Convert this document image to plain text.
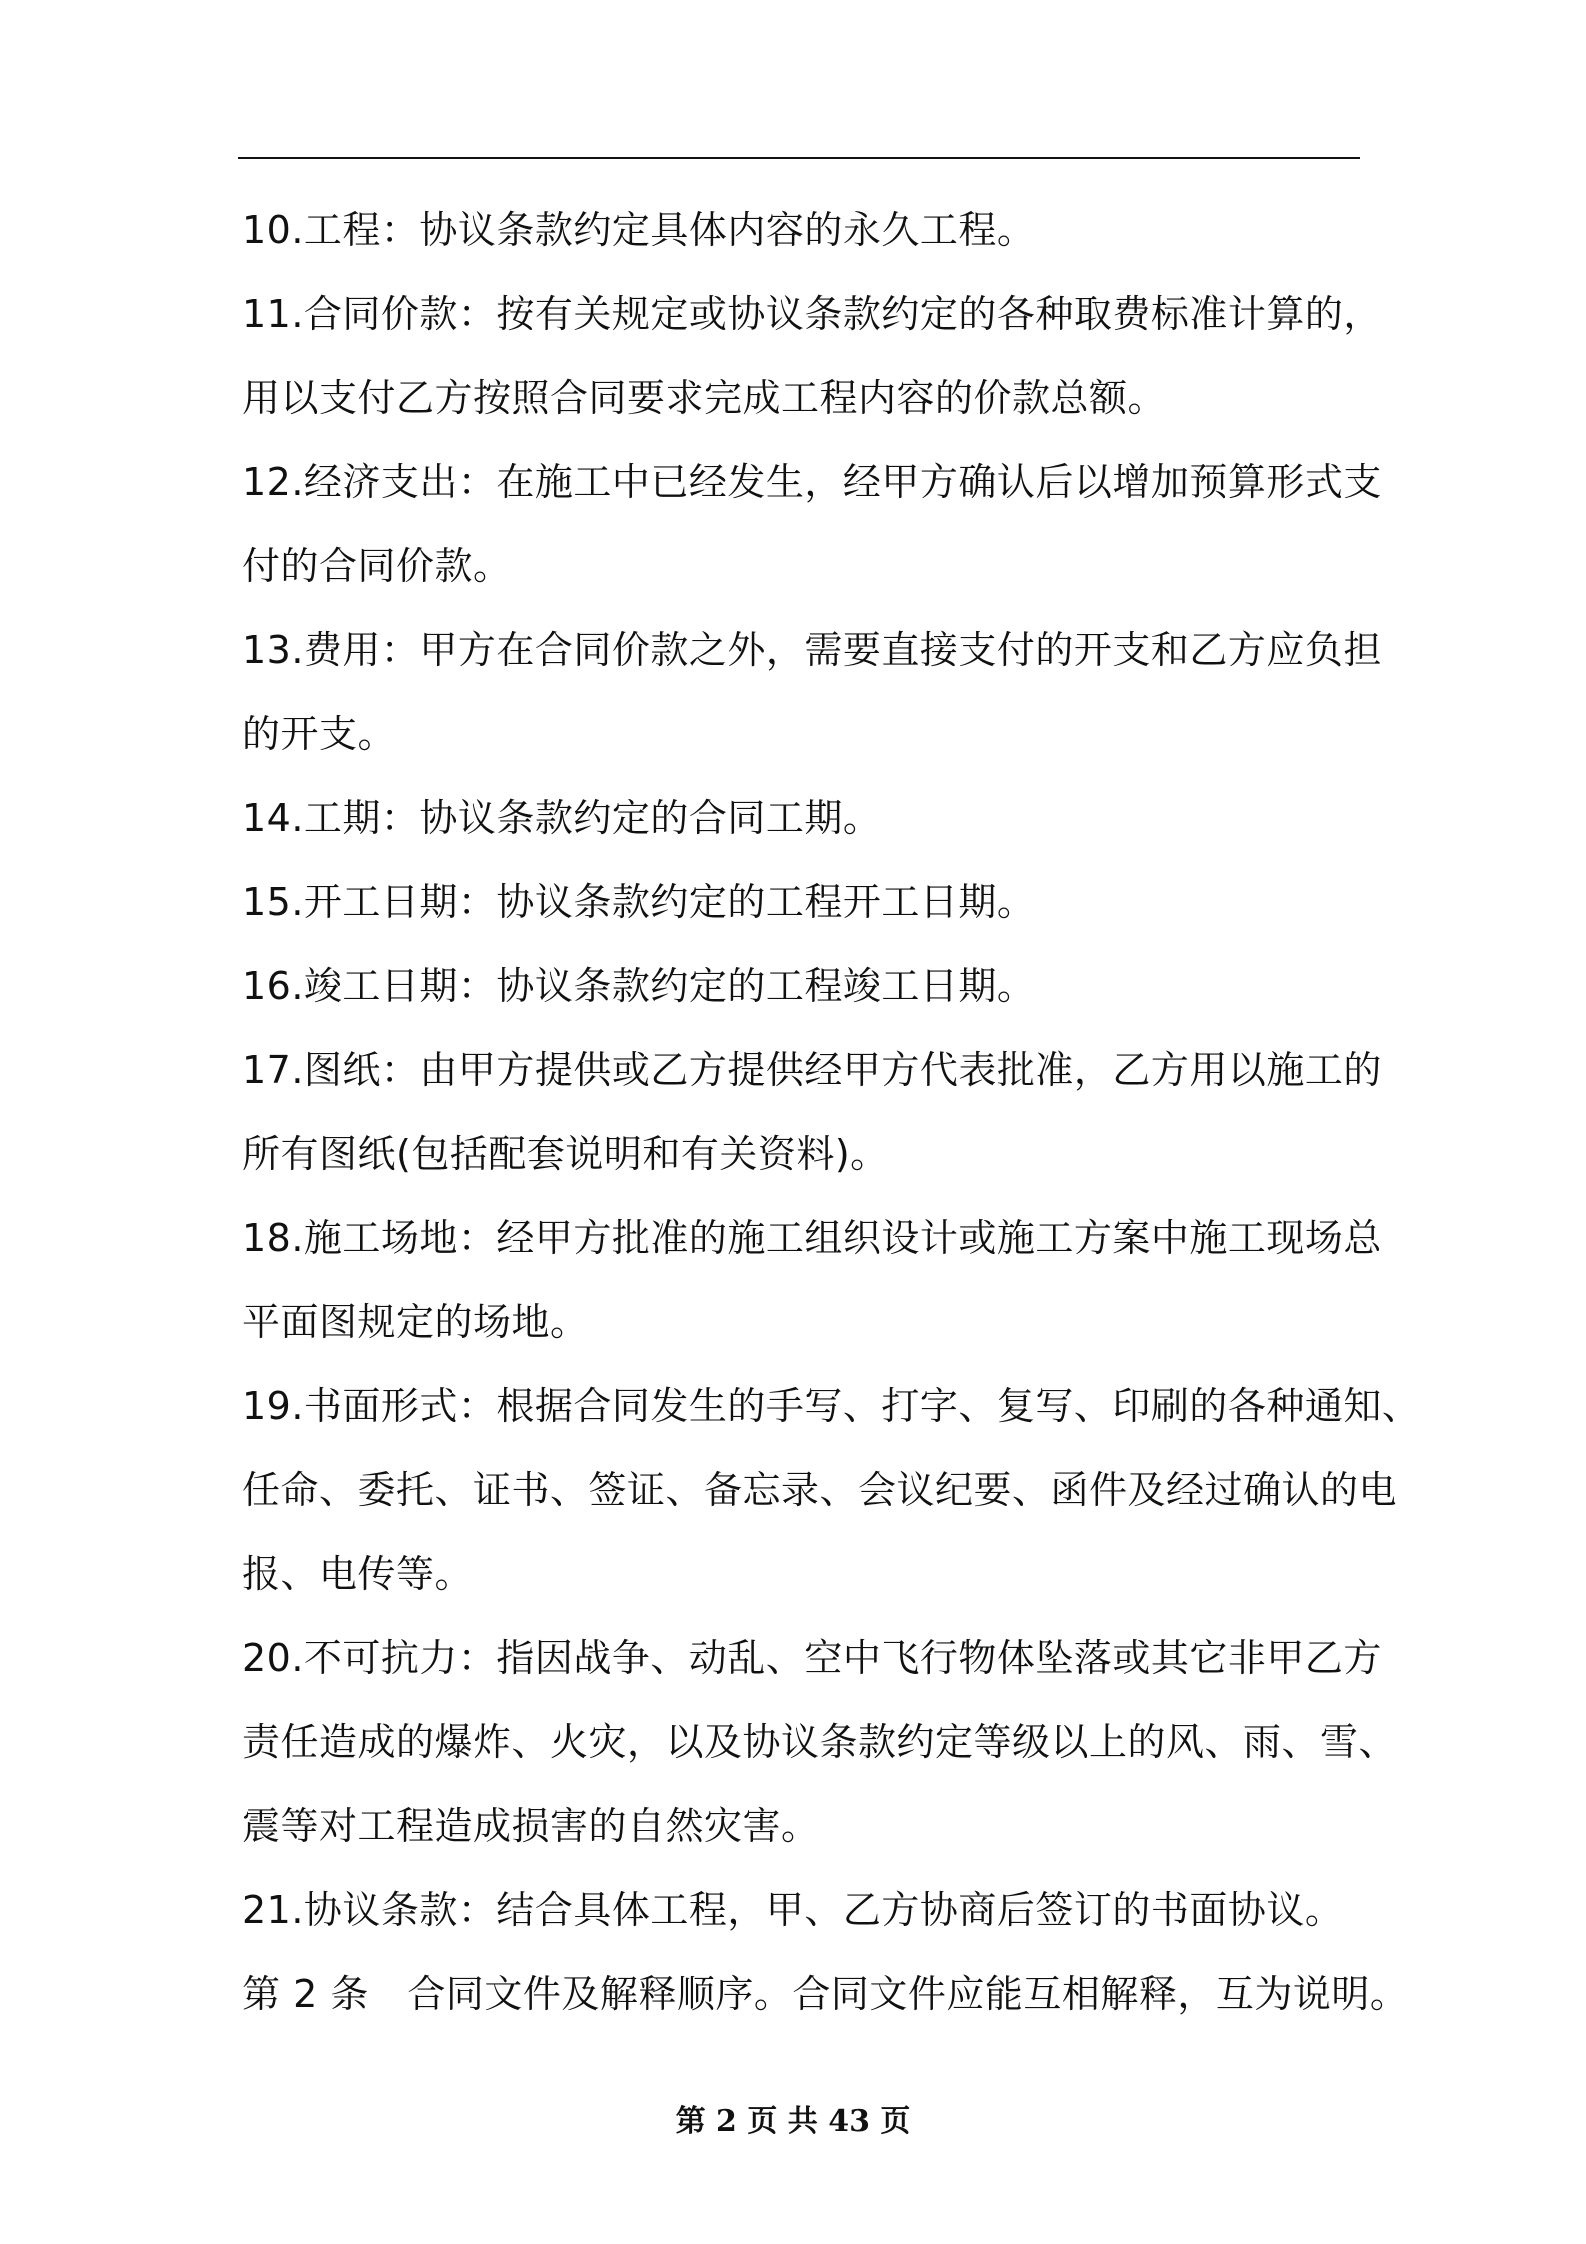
10.工程：协议条款约定具体内容的永久工程。
11.合同价款：按有关规定或协议条款约定的各种取费标准计算的，
用以支付乙方按照合同要求完成工程内容的价款总额。
12.经济支出：在施工中已经发生，经甲方确认后以增加预算形式支
付的合同价款。
13.费用：甲方在合同价款之外，需要直接支付的开支和乙方应负担
的开支。
14.工期：协议条款约定的合同工期。
15.开工日期：协议条款约定的工程开工日期。
16.竣工日期：协议条款约定的工程竣工日期。
17.图纸：由甲方提供或乙方提供经甲方代表批准，乙方用以施工的
所有图纸(包括配套说明和有关资料)。
18.施工场地：经甲方批准的施工组织设计或施工方案中施工现场总
平面图规定的场地。
19.书面形式：根据合同发生的手写、打字、复写、印刷的各种通知、
任命、委托、证书、签证、备忘录、会议纪要、函件及经过确认的电
报、电传等。
20.不可抗力：指因战争、动乱、空中飞行物体坠落或其它非甲乙方
责任造成的爆炸、火灾，以及协议条款约定等级以上的风、雨、雪、
震等对工程造成损害的自然灾害。
21.协议条款：结合具体工程，甲、乙方协商后签订的书面协议。
第 2 条　合同文件及解释顺序。合同文件应能互相解释，互为说明。
第 2 页 共 43 页
